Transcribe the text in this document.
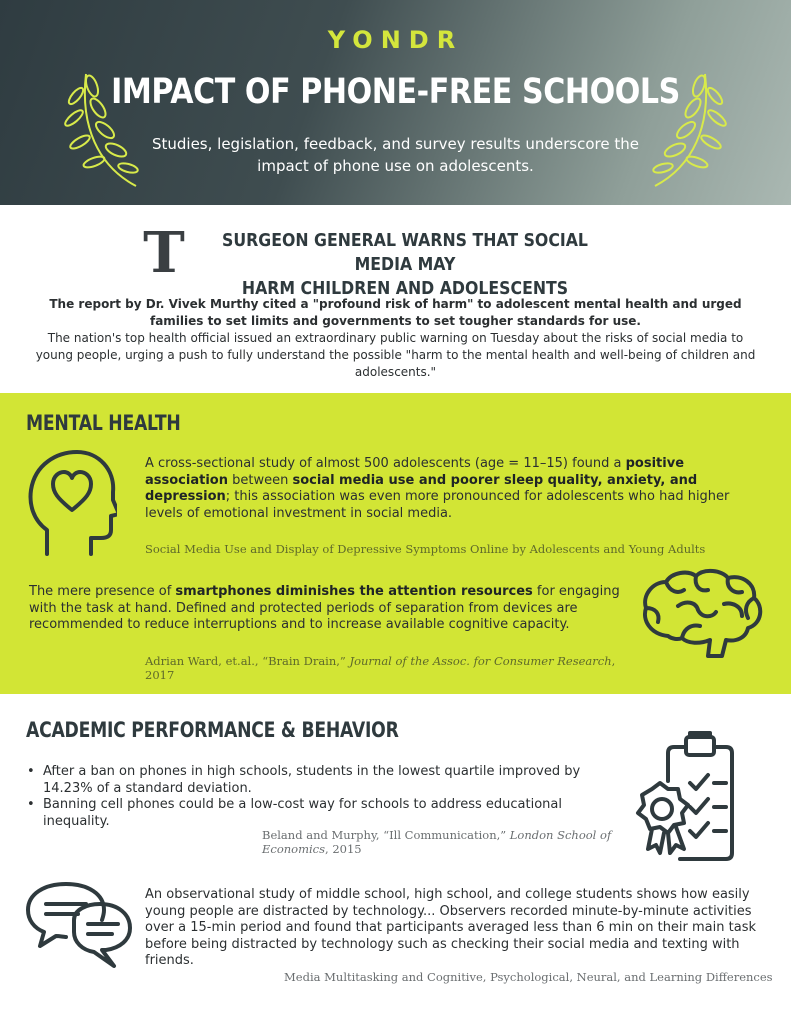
YONDR
IMPACT OF PHONE-FREE SCHOOLS
Studies, legislation, feedback, and survey results underscore the impact of phone use on adolescents.
T	SURGEON GENERAL WARNS THAT SOCIAL MEDIA MAY
HARM CHILDREN AND ADOLESCENTS
The report by Dr. Vivek Murthy cited a "profound risk of harm" to adolescent mental health and urged families to set limits and governments to set tougher standards for use.
The nation's top health official issued an extraordinary public warning on Tuesday about the risks of social media to young people, urging a push to fully understand the possible "harm to the mental health and well-being of children and adolescents."
MENTAL HEALTH
A cross-sectional study of almost 500 adolescents (age = 11–15) found a positive association between social media use and poorer sleep quality, anxiety, and depression; this association was even more pronounced for adolescents who had higher levels of emotional investment in social media.
Social Media Use and Display of Depressive Symptoms Online by Adolescents and Young Adults
The mere presence of smartphones diminishes the attention resources for engaging with the task at hand. Defined and protected periods of separation from devices are recommended to reduce interruptions and to increase available cognitive capacity.
Adrian Ward, et.al., “Brain Drain,” Journal of the Assoc. for Consumer Research, 2017
ACADEMIC PERFORMANCE & BEHAVIOR
• After a ban on phones in high schools, students in the lowest quartile improved by 14.23% of a standard deviation.
• Banning cell phones could be a low-cost way for schools to address educational inequality.
Beland and Murphy, “Ill Communication,” London School of Economics, 2015
An observational study of middle school, high school, and college students shows how easily young people are distracted by technology... Observers recorded minute-by-minute activities over a 15-min period and found that participants averaged less than 6 min on their main task before being distracted by technology such as checking their social media and texting with friends.
Media Multitasking and Cognitive, Psychological, Neural, and Learning Differences
